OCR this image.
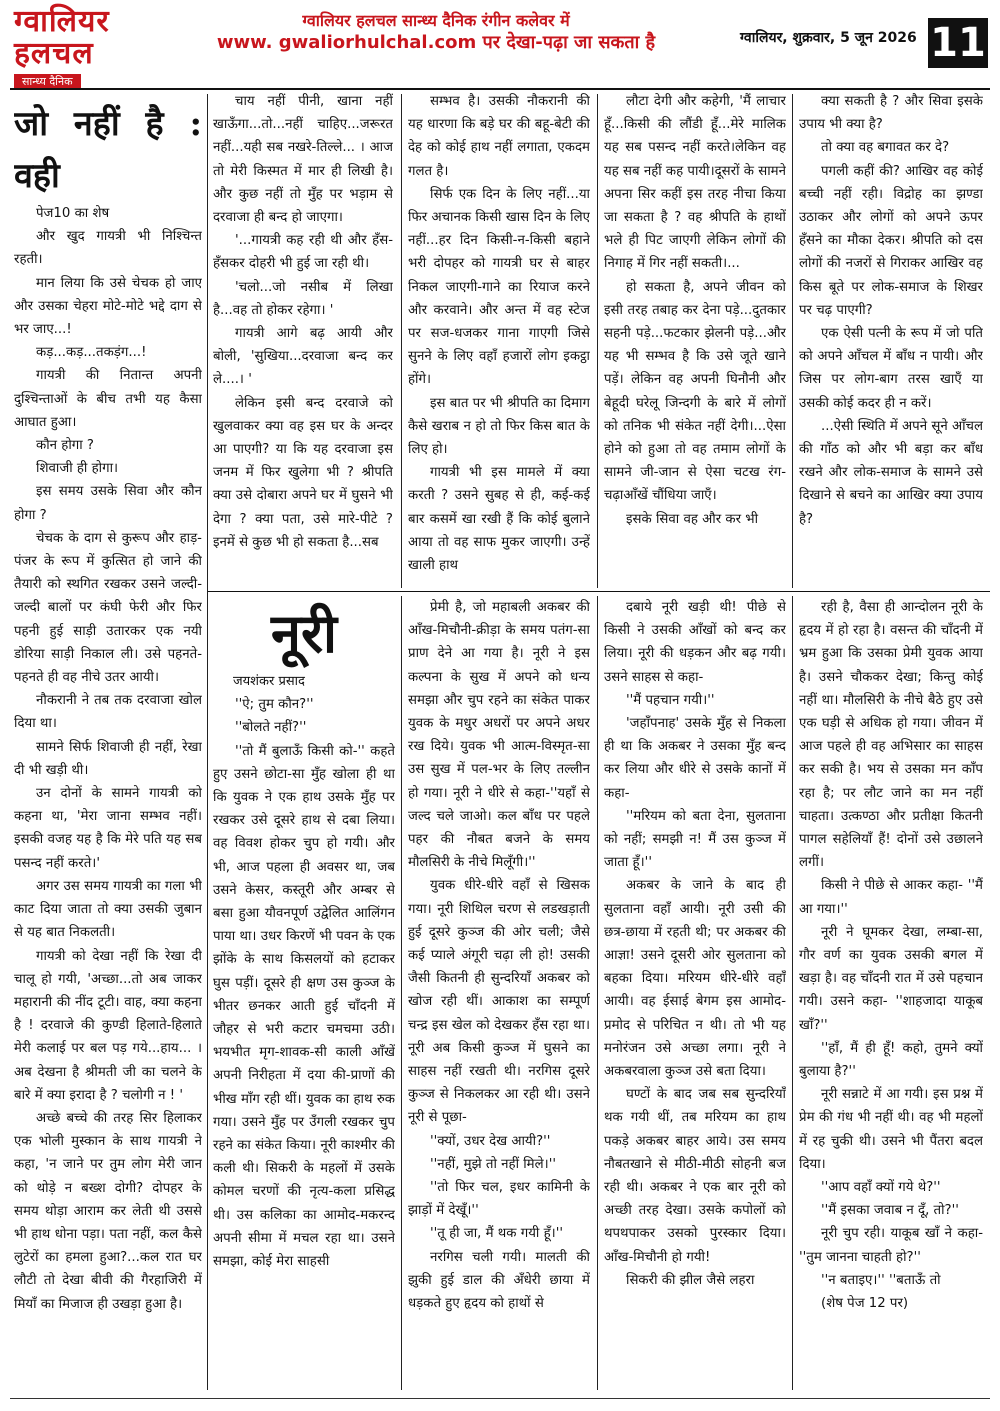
ग्वालियर
हलचल
सान्ध्य दैनिक
ग्वालियर हलचल सान्ध्य दैनिक रंगीन कलेवर में
www. gwaliorhulchal.com पर देखा-पढ़ा जा सकता है	ग्वालियर, शुक्रवार, 5 जून 2026 11
जो नहीं है : वही

पेज10 का शेष

और खुद गायत्री भी निश्चिन्त रहती।

मान लिया कि उसे चेचक हो जाए और उसका चेहरा मोटे-मोटे भद्दे दाग से भर जाए...!

कड़...कड़...तकड़ंग...!

गायत्री की नितान्त अपनी दुश्चिन्ताओं के बीच तभी यह कैसा आघात हुआ।

कौन होगा ?

शिवाजी ही होगा।

इस समय उसके सिवा और कौन होगा ?

चेचक के दाग से कुरूप और हाड़-पंजर के रूप में कुत्सित हो जाने की तैयारी को स्थगित रखकर उसने जल्दी-जल्दी बालों पर कंघी फेरी और फिर पहनी हुई साड़ी उतारकर एक नयी डोरिया साड़ी निकाल ली। उसे पहनते-पहनते ही वह नीचे उतर आयी।

नौकरानी ने तब तक दरवाजा खोल दिया था।

सामने सिर्फ शिवाजी ही नहीं, रेखा दी भी खड़ी थी।

उन दोनों के सामने गायत्री को कहना था, 'मेरा जाना सम्भव नहीं। इसकी वजह यह है कि मेरे पति यह सब पसन्द नहीं करते।'

अगर उस समय गायत्री का गला भी काट दिया जाता तो क्या उसकी जुबान से यह बात निकलती।

गायत्री को देखा नहीं कि रेखा दी चालू हो गयी, 'अच्छा...तो अब जाकर महारानी की नींद टूटी। वाह, क्या कहना है ! दरवाजे की कुण्डी हिलाते-हिलाते मेरी कलाई पर बल पड़ गये...हाय... । अब देखना है श्रीमती जी का चलने के बारे में क्या इरादा है ? चलोगी न ! '

अच्छे बच्चे की तरह सिर हिलाकर एक भोली मुस्कान के साथ गायत्री ने कहा, 'न जाने पर तुम लोग मेरी जान को थोड़े न बख्श दोगी? दोपहर के समय थोड़ा आराम कर लेती थी उससे भी हाथ धोना पड़ा। पता नहीं, कल कैसे लुटेरों का हमला हुआ?...कल रात घर लौटी तो देखा बीवी की गैरहाजिरी में मियाँ का मिजाज ही उखड़ा हुआ है।

चाय नहीं पीनी, खाना नहीं खाऊँगा...तो...नहीं चाहिए...जरूरत नहीं...यही सब नखरे-तिल्ले... । आज तो मेरी किस्मत में मार ही लिखी है। और कुछ नहीं तो मुँह पर भड़ाम से दरवाजा ही बन्द हो जाएगा।

'...गायत्री कह रही थी और हँस-हँसकर दोहरी भी हुई जा रही थी।

'चलो...जो नसीब में लिखा है...वह तो होकर रहेगा। '

गायत्री आगे बढ़ आयी और बोली, 'सुखिया...दरवाजा बन्द कर ले....। '

लेकिन इसी बन्द दरवाजे को खुलवाकर क्या वह इस घर के अन्दर आ पाएगी? या कि यह दरवाजा इस जनम में फिर खुलेगा भी ? श्रीपति क्या उसे दोबारा अपने घर में घुसने भी देगा ? क्या पता, उसे मारे-पीटे ? इनमें से कुछ भी हो सकता है...सब

सम्भव है। उसकी नौकरानी की यह धारणा कि बड़े घर की बहू-बेटी की देह को कोई हाथ नहीं लगाता, एकदम गलत है।

सिर्फ एक दिन के लिए नहीं...या फिर अचानक किसी खास दिन के लिए नहीं...हर दिन किसी-न-किसी बहाने भरी दोपहर को गायत्री घर से बाहर निकल जाएगी-गाने का रियाज करने और करवाने। और अन्त में वह स्टेज पर सज-धजकर गाना गाएगी जिसे सुनने के लिए वहाँ हजारों लोग इकट्ठा होंगे।

इस बात पर भी श्रीपति का दिमाग कैसे खराब न हो तो फिर किस बात के लिए हो।

गायत्री भी इस मामले में क्या करती ? उसने सुबह से ही, कई-कई बार कसमें खा रखी हैं कि कोई बुलाने आया तो वह साफ मुकर जाएगी। उन्हें खाली हाथ

लौटा देगी और कहेगी, 'मैं लाचार हूँ...किसी की लौंडी हूँ...मेरे मालिक यह सब पसन्द नहीं करते।लेकिन वह यह सब नहीं कह पायी।दूसरों के सामने अपना सिर कहीं इस तरह नीचा किया जा सकता है ? वह श्रीपति के हाथों भले ही पिट जाएगी लेकिन लोगों की निगाह में गिर नहीं सकती।...

हो सकता है, अपने जीवन को इसी तरह तबाह कर देना पड़े...दुतकार सहनी पड़े...फटकार झेलनी पड़े...और यह भी सम्भव है कि उसे जूते खाने पड़ें। लेकिन वह अपनी घिनौनी और बेहूदी घरेलू जिन्दगी के बारे में लोगों को तनिक भी संकेत नहीं देगी।...ऐसा होने को हुआ तो वह तमाम लोगों के सामने जी-जान से ऐसा चटख रंग-चढ़ाआँखें चौंधिया जाएँ।

इसके सिवा वह और कर भी

क्या सकती है ? और सिवा इसके उपाय भी क्या है?

तो क्या वह बगावत कर दे?

पगली कहीं की? आखिर वह कोई बच्ची नहीं रही। विद्रोह का झण्डा उठाकर और लोगों को अपने ऊपर हँसने का मौका देकर। श्रीपति को दस लोगों की नजरों से गिराकर आखिर वह किस बूते पर लोक-समाज के शिखर पर चढ़ पाएगी?

एक ऐसी पत्नी के रूप में जो पति को अपने आँचल में बाँध न पायी। और जिस पर लोग-बाग तरस खाएँ या उसकी कोई कदर ही न करें।

...ऐसी स्थिति में अपने सूने आँचल की गाँठ को और भी बड़ा कर बाँध रखने और लोक-समाज के सामने उसे दिखाने से बचने का आखिर क्या उपाय है?

नूरी
जयशंकर प्रसाद

''ऐ; तुम कौन?''

''बोलते नहीं?''

''तो मैं बुलाऊँ किसी को-'' कहते हुए उसने छोटा-सा मुँह खोला ही था कि युवक ने एक हाथ उसके मुँह पर रखकर उसे दूसरे हाथ से दबा लिया। वह विवश होकर चुप हो गयी। और भी, आज पहला ही अवसर था, जब उसने केसर, कस्तूरी और अम्बर से बसा हुआ यौवनपूर्ण उद्वेलित आलिंगन पाया था। उधर किरणें भी पवन के एक झोंके के साथ किसलयों को हटाकर घुस पड़ीं। दूसरे ही क्षण उस कुञ्ज के भीतर छनकर आती हुई चाँदनी में जौहर से भरी कटार चमचमा उठी। भयभीत मृग-शावक-सी काली आँखें अपनी निरीहता में दया की-प्राणों की भीख माँग रही थीं। युवक का हाथ रुक गया। उसने मुँह पर उँगली रखकर चुप रहने का संकेत किया। नूरी काश्मीर की कली थी। सिकरी के महलों में उसके कोमल चरणों की नृत्य-कला प्रसिद्ध थी। उस कलिका का आमोद-मकरन्द अपनी सीमा में मचल रहा था। उसने समझा, कोई मेरा साहसी

प्रेमी है, जो महाबली अकबर की आँख-मिचौनी-क्रीड़ा के समय पतंग-सा प्राण देने आ गया है। नूरी ने इस कल्पना के सुख में अपने को धन्य समझा और चुप रहने का संकेत पाकर युवक के मधुर अधरों पर अपने अधर रख दिये। युवक भी आत्म-विस्मृत-सा उस सुख में पल-भर के लिए तल्लीन हो गया। नूरी ने धीरे से कहा-''यहाँ से जल्द चले जाओ। कल बाँध पर पहले पहर की नौबत बजने के समय मौलसिरी के नीचे मिलूँगी।''

युवक धीरे-धीरे वहाँ से खिसक गया। नूरी शिथिल चरण से लडखड़ाती हुई दूसरे कुञ्ज की ओर चली; जैसे कई प्याले अंगूरी चढ़ा ली हो! उसकी जैसी कितनी ही सुन्दरियाँ अकबर को खोज रही थीं। आकाश का सम्पूर्ण चन्द्र इस खेल को देखकर हँस रहा था। नूरी अब किसी कुञ्ज में घुसने का साहस नहीं रखती थी। नरगिस दूसरे कुञ्ज से निकलकर आ रही थी। उसने नूरी से पूछा-

''क्यों, उधर देख आयी?''

''नहीं, मुझे तो नहीं मिले।''

''तो फिर चल, इधर कामिनी के झाड़ों में देखूँ।''

''तू ही जा, मैं थक गयी हूँ।''

नरगिस चली गयी। मालती की झुकी हुई डाल की अँधेरी छाया में धड़कते हुए हृदय को हाथों से

दबाये नूरी खड़ी थी! पीछे से किसी ने उसकी आँखों को बन्द कर लिया। नूरी की धड़कन और बढ़ गयी। उसने साहस से कहा-

''मैं पहचान गयी।''

'जहाँपनाह' उसके मुँह से निकला ही था कि अकबर ने उसका मुँह बन्द कर लिया और धीरे से उसके कानों में कहा-

''मरियम को बता देना, सुलताना को नहीं; समझी न! मैं उस कुञ्ज में जाता हूँ।''

अकबर के जाने के बाद ही सुलताना वहाँ आयी। नूरी उसी की छत्र-छाया में रहती थी; पर अकबर की आज्ञा! उसने दूसरी ओर सुलताना को बहका दिया। मरियम धीरे-धीरे वहाँ आयी। वह ईसाई बेगम इस आमोद-प्रमोद से परिचित न थी। तो भी यह मनोरंजन उसे अच्छा लगा। नूरी ने अकबरवाला कुञ्ज उसे बता दिया।

घण्टों के बाद जब सब सुन्दरियाँ थक गयी थीं, तब मरियम का हाथ पकड़े अकबर बाहर आये। उस समय नौबतखाने से मीठी-मीठी सोहनी बज रही थी। अकबर ने एक बार नूरी को अच्छी तरह देखा। उसके कपोलों को थपथपाकर उसको पुरस्कार दिया। आँख-मिचौनी हो गयी!

सिकरी की झील जैसे लहरा

रही है, वैसा ही आन्दोलन नूरी के हृदय में हो रहा है। वसन्त की चाँदनी में भ्रम हुआ कि उसका प्रेमी युवक आया है। उसने चौककर देखा; किन्तु कोई नहीं था। मौलसिरी के नीचे बैठे हुए उसे एक घड़ी से अधिक हो गया। जीवन में आज पहले ही वह अभिसार का साहस कर सकी है। भय से उसका मन काँप रहा है; पर लौट जाने का मन नहीं चाहता। उत्कण्ठा और प्रतीक्षा कितनी पागल सहेलियाँ हैं! दोनों उसे उछालने लगीं।

किसी ने पीछे से आकर कहा- ''मैं आ गया।''

नूरी ने घूमकर देखा, लम्बा-सा, गौर वर्ण का युवक उसकी बगल में खड़ा है। वह चाँदनी रात में उसे पहचान गयी। उसने कहा- ''शाहजादा याकूब खाँ?''

''हाँ, मैं ही हूँ! कहो, तुमने क्यों बुलाया है?''

नूरी सन्नाटे में आ गयी। इस प्रश्न में प्रेम की गंध भी नहीं थी। वह भी महलों में रह चुकी थी। उसने भी पैंतरा बदल दिया।

''आप वहाँ क्यों गये थे?''

''मैं इसका जवाब न दूँ, तो?''

नूरी चुप रही। याकूब खाँ ने कहा-''तुम जानना चाहती हो?''

''न बताइए।'' ''बताऊँ तो

(शेष पेज 12 पर)
